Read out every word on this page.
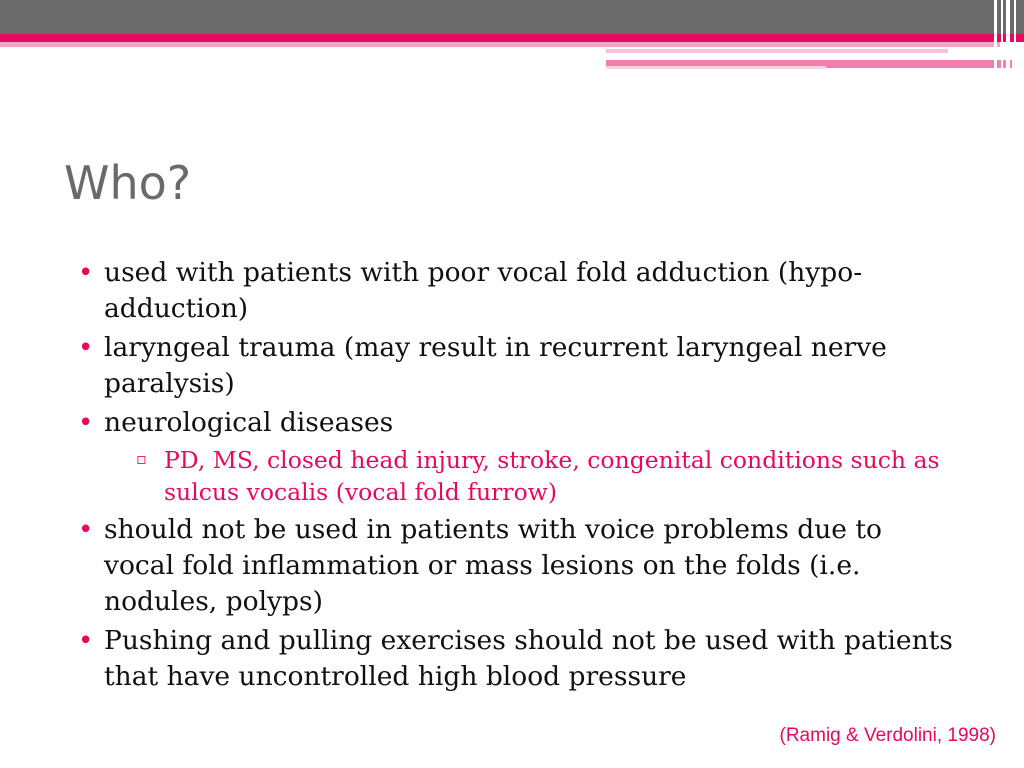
Who?
• used with patients with poor vocal fold adduction (hypo-adduction)
• laryngeal trauma (may result in recurrent laryngeal nerve paralysis)
• neurological diseases
▫ PD, MS, closed head injury, stroke, congenital conditions such as sulcus vocalis (vocal fold furrow)
• should not be used in patients with voice problems due to vocal fold inflammation or mass lesions on the folds (i.e. nodules, polyps)
• Pushing and pulling exercises should not be used with patients that have uncontrolled high blood pressure
(Ramig & Verdolini, 1998)
